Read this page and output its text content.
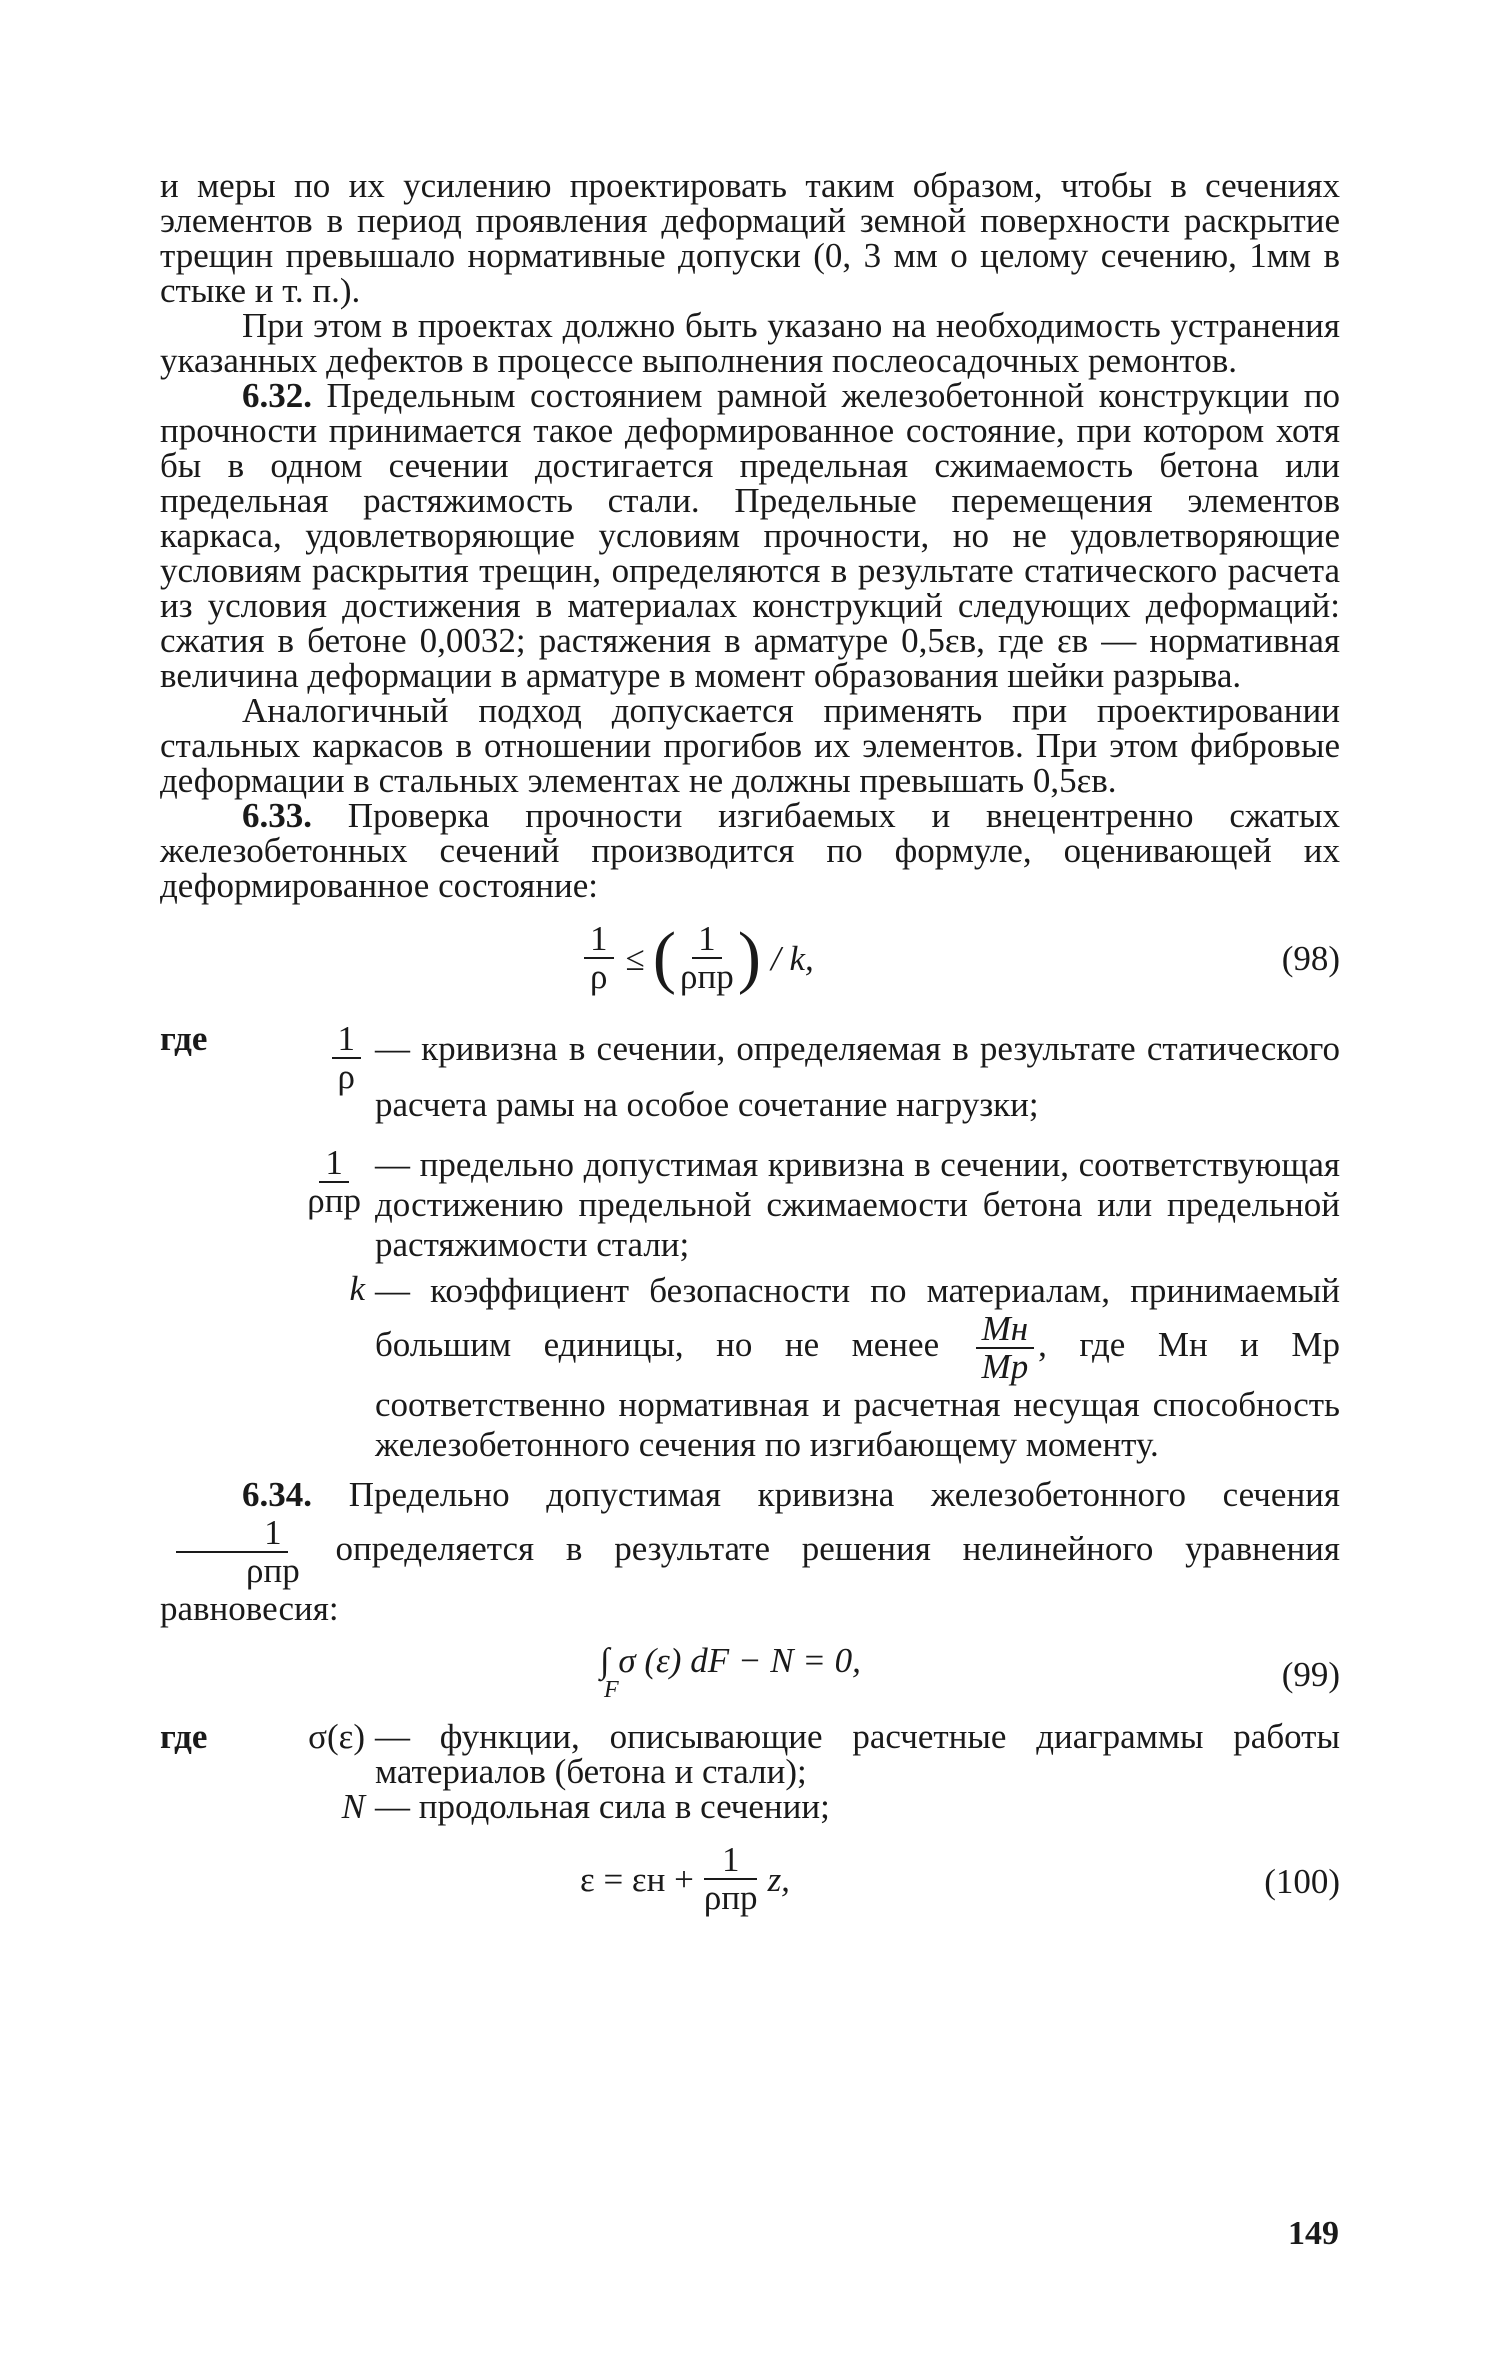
и меры по их усилению проектировать таким образом, чтобы в сечениях элементов в период проявления деформаций земной поверхности раскрытие трещин превышало нормативные допуски (0, 3 мм о целому сечению, 1мм в стыке и т. п.).

При этом в проектах должно быть указано на необходимость устранения указанных дефектов в процессе выполнения послеосадочных ремонтов.

6.32. Предельным состоянием рамной железобетонной конструкции по прочности принимается такое деформированное состояние, при котором хотя бы в одном сечении достигается предельная сжимаемость бетона или предельная растяжимость стали. Предельные перемещения элементов каркаса, удовлетворяющие условиям прочности, но не удовлетворяющие условиям раскрытия трещин, определяются в результате статического расчета из условия достижения в материалах конструкций следующих деформаций: сжатия в бетоне 0,0032; растяжения в арматуре 0,5εв, где εв — нормативная величина деформации в арматуре в момент образования шейки разрыва.

Аналогичный подход допускается применять при проектировании стальных каркасов в отношении прогибов их элементов. При этом фибровые деформации в стальных элементах не должны превышать 0,5εв.

6.33. Проверка прочности изгибаемых и внецентренно сжатых железобетонных сечений производится по формуле, оценивающей их деформированное состояние:

$\frac{1}{\rho}$ ≤ ( $\frac{1}{\text{ρпр}}$ ) / k,	(98)
где	$\frac{1}{\rho}$ — кривизна в сечении, определяемая в результате статического расчета рамы на особое сочетание нагрузки;
$\frac{1}{\text{ρпр}}$ — предельно допустимая кривизна в сечении, соответствующая достижению предельной сжимаемости бетона или предельной растяжимости стали;
k — коэффициент безопасности по материалам, принимаемый большим единицы, но не менее $\frac{Mн}{Mр}$ , где Mн и Mр соответственно нормативная и расчетная несущая способность железобетонного сечения по изгибающему моменту.

6.34. Предельно допустимая кривизна железобетонного сечения
$\frac{1}{\text{ρпр}}$ определяется в результате решения нелинейного уравнения равновесия:

∫ σ (ε) dF − N = 0,
F	(99)
где	σ(ε) — функции, описывающие расчетные диаграммы работы материалов (бетона и стали);
N — продольная сила в сечении;
$\varepsilon = \varepsilon н + \frac{1}{\text{ρпр}} z$,	(100)
149
